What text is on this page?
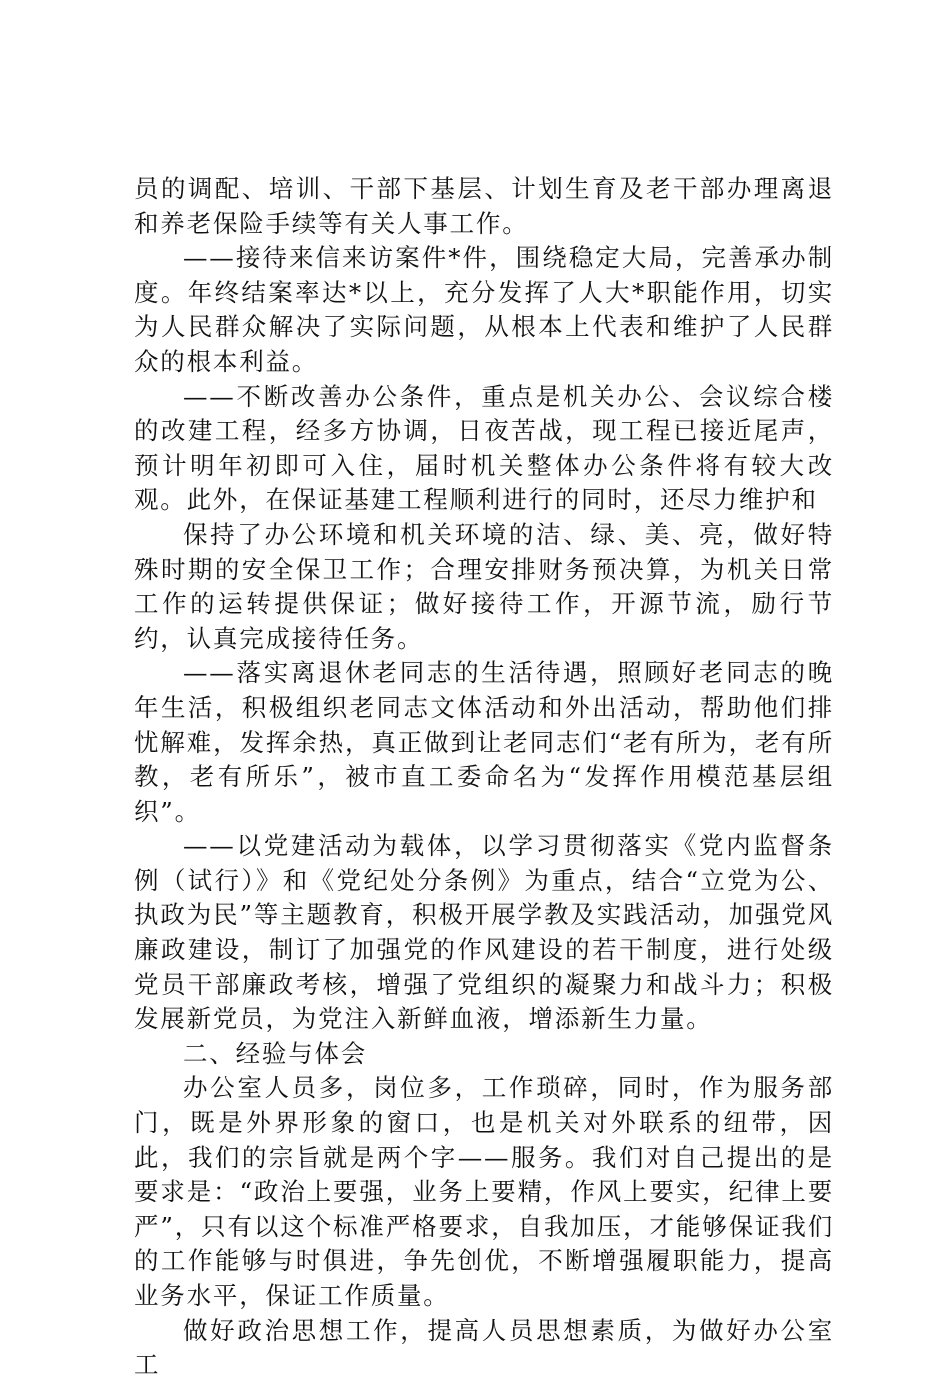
员的调配、培训、干部下基层、计划生育及老干部办理离退和养老保险手续等有关人事工作。

——接待来信来访案件*件，围绕稳定大局，完善承办制度。年终结案率达*以上，充分发挥了人大*职能作用，切实为人民群众解决了实际问题，从根本上代表和维护了人民群众的根本利益。

——不断改善办公条件，重点是机关办公、会议综合楼的改建工程，经多方协调，日夜苦战，现工程已接近尾声，预计明年初即可入住，届时机关整体办公条件将有较大改观。此外，在保证基建工程顺利进行的同时，还尽力维护和

保持了办公环境和机关环境的洁、绿、美、亮，做好特殊时期的安全保卫工作；合理安排财务预决算，为机关日常工作的运转提供保证；做好接待工作，开源节流，励行节约，认真完成接待任务。

——落实离退休老同志的生活待遇，照顾好老同志的晚年生活，积极组织老同志文体活动和外出活动，帮助他们排忧解难，发挥余热，真正做到让老同志们“老有所为，老有所教，老有所乐”，被市直工委命名为“发挥作用模范基层组织”。

——以党建活动为载体，以学习贯彻落实《党内监督条例（试行）》和《党纪处分条例》为重点，结合“立党为公、执政为民”等主题教育，积极开展学教及实践活动，加强党风廉政建设，制订了加强党的作风建设的若干制度，进行处级党员干部廉政考核，增强了党组织的凝聚力和战斗力；积极发展新党员，为党注入新鲜血液，增添新生力量。

二、经验与体会

办公室人员多，岗位多，工作琐碎，同时，作为服务部门，既是外界形象的窗口，也是机关对外联系的纽带，因此，我们的宗旨就是两个字——服务。我们对自己提出的是要求是：“政治上要强，业务上要精，作风上要实，纪律上要严”，只有以这个标准严格要求，自我加压，才能够保证我们的工作能够与时俱进，争先创优，不断增强履职能力，提高业务水平，保证工作质量。

做好政治思想工作，提高人员思想素质，为做好办公室工
